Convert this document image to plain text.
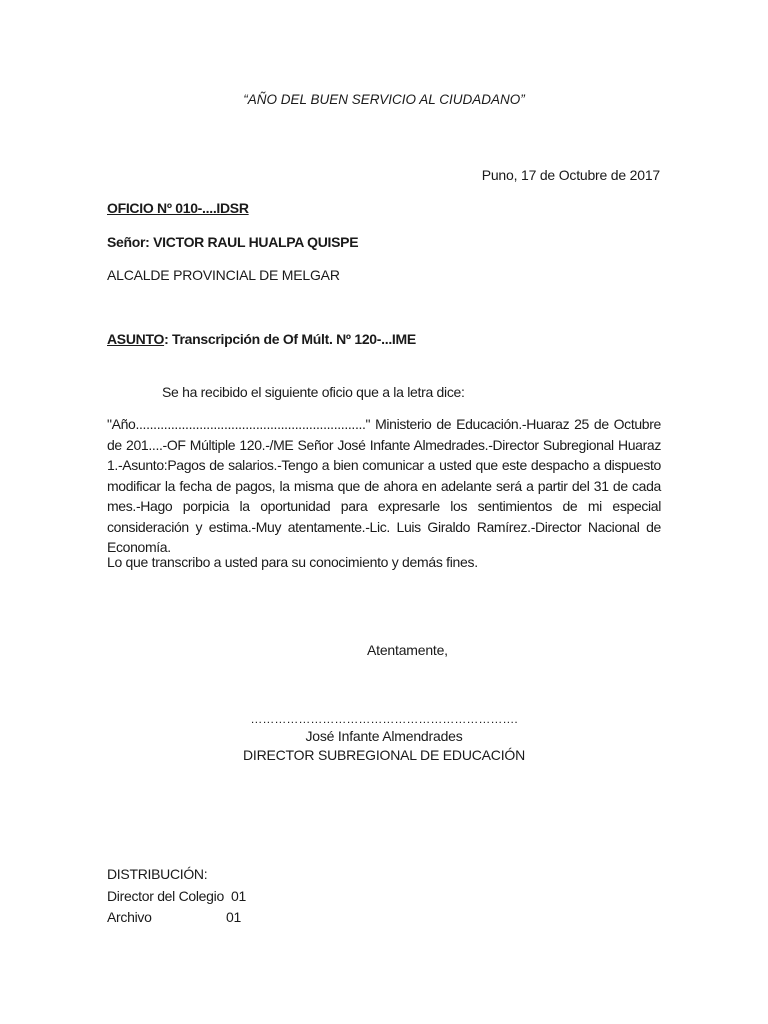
“AÑO DEL BUEN SERVICIO AL CIUDADANO”
Puno, 17 de Octubre de 2017
OFICIO Nº 010-....IDSR
Señor: VICTOR RAUL HUALPA QUISPE
ALCALDE PROVINCIAL DE MELGAR
ASUNTO: Transcripción de Of Múlt. Nº 120-...IME
Se ha recibido el siguiente oficio que a la letra dice:
"Año................................................................." Ministerio de Educación.-Huaraz 25 de Octubre de 201....-OF Múltiple 120.-/ME Señor José Infante Almedrades.-Director Subregional Huaraz 1.-Asunto:Pagos de salarios.-Tengo a bien comunicar a usted que este despacho a dispuesto modificar la fecha de pagos, la misma que de ahora en adelante será a partir del 31 de cada mes.-Hago porpicia la oportunidad para expresarle los sentimientos de mi especial consideración y estima.-Muy atentamente.-Lic. Luis Giraldo Ramírez.-Director Nacional de Economía.
Lo que transcribo a usted para su conocimiento y demás fines.
Atentamente,
………………………………………………………….
José Infante Almendrades
DIRECTOR SUBREGIONAL DE EDUCACIÓN
DISTRIBUCIÓN:
Director del Colegio 01
Archivo	01
